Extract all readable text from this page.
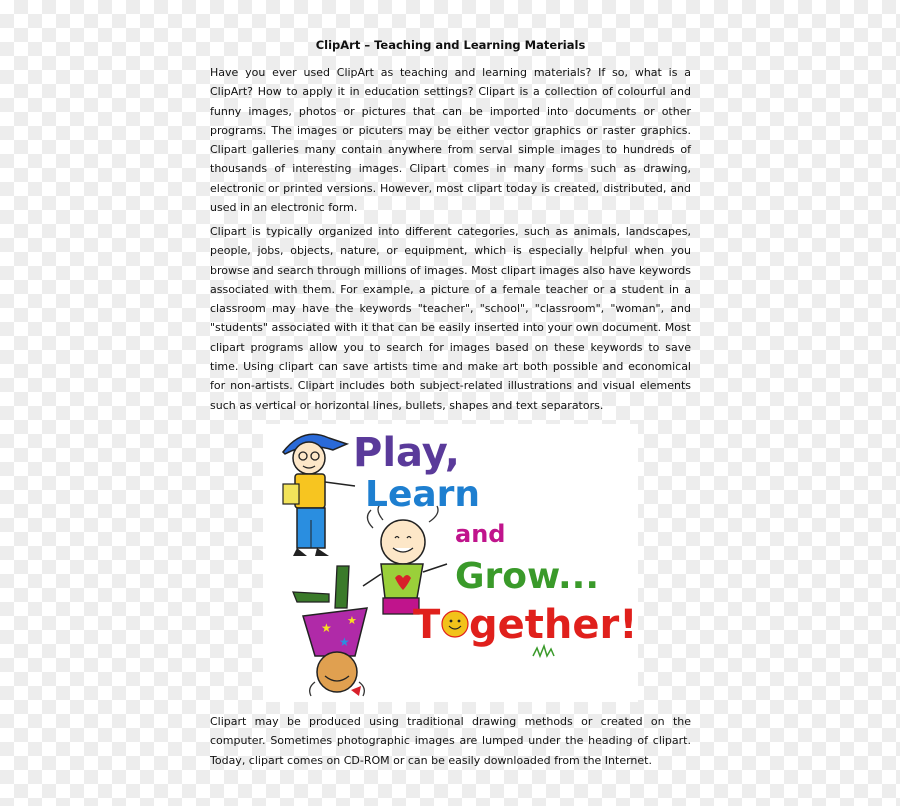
ClipArt – Teaching and Learning Materials

Have you ever used ClipArt as teaching and learning materials? If so, what is a ClipArt? How to apply it in education settings? Clipart is a collection of colourful and funny images, photos or pictures that can be imported into documents or other programs. The images or picuters may be either vector graphics or raster graphics. Clipart galleries many contain anywhere from serval simple images to hundreds of thousands of interesting images. Clipart comes in many forms such as drawing, electronic or printed versions. However, most clipart today is created, distributed, and used in an electronic form.

Clipart is typically organized into different categories, such as animals, landscapes, people, jobs, objects, nature, or equipment, which is especially helpful when you browse and search through millions of images. Most clipart images also have keywords associated with them. For example, a picture of a female teacher or a student in a classroom may have the keywords "teacher", "school", "classroom", "woman", and "students" associated with it that can be easily inserted into your own document. Most clipart programs allow you to search for images based on these keywords to save time. Using clipart can save artists time and make art both possible and economical for non-artists. Clipart includes both subject-related illustrations and visual elements such as vertical or horizontal lines, bullets, shapes and text separators.

★
★
★
Play,
Learn
and
Grow...
T gether!

Clipart may be produced using traditional drawing methods or created on the computer. Sometimes photographic images are lumped under the heading of clipart. Today, clipart comes on CD-ROM or can be easily downloaded from the Internet.
